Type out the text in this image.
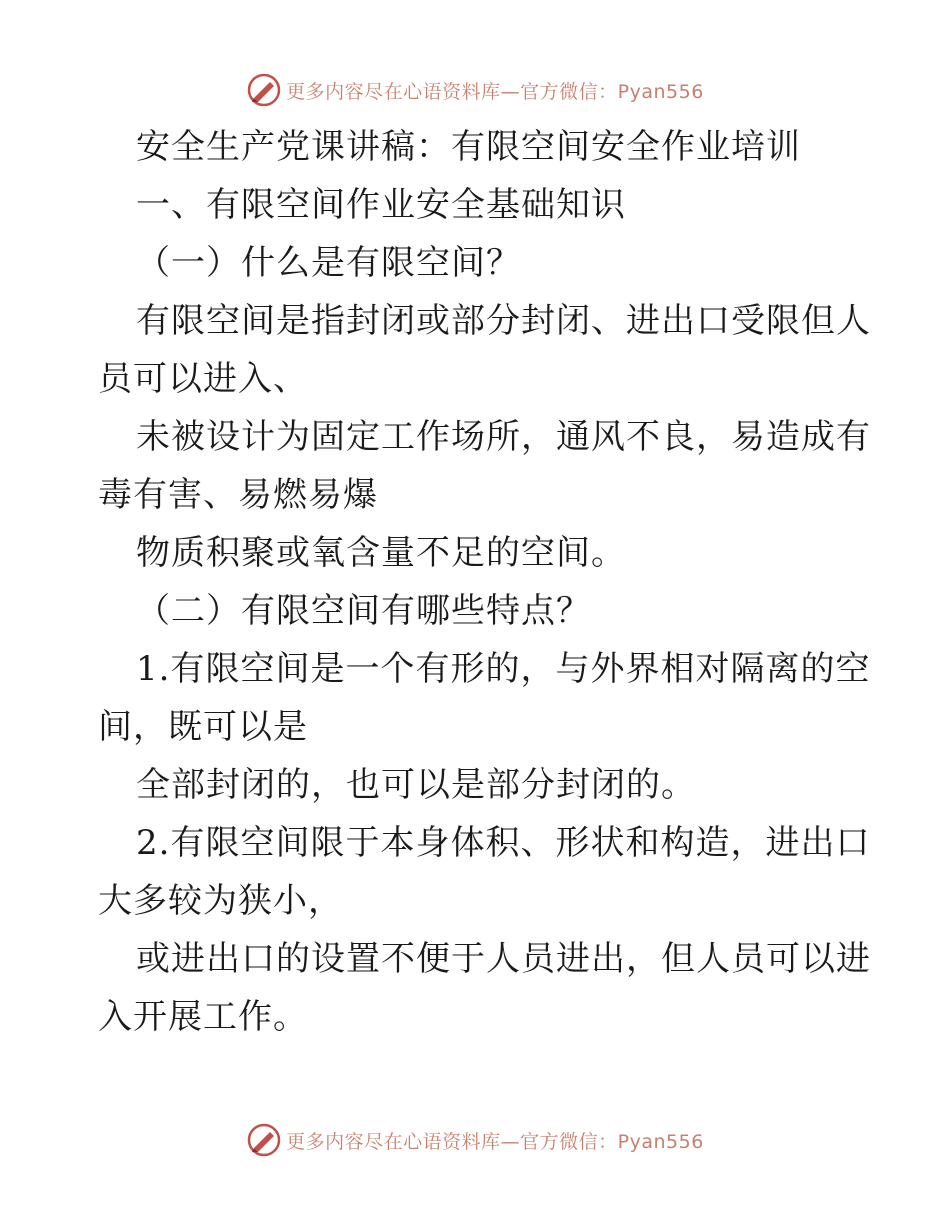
更多内容尽在心语资料库—官方微信：Pyan556
安全生产党课讲稿：有限空间安全作业培训
一、有限空间作业安全基础知识
（一）什么是有限空间？
有限空间是指封闭或部分封闭、进出口受限但人
员可以进入、
未被设计为固定工作场所，通风不良，易造成有
毒有害、易燃易爆
物质积聚或氧含量不足的空间。
（二）有限空间有哪些特点？
1.有限空间是一个有形的，与外界相对隔离的空
间，既可以是
全部封闭的，也可以是部分封闭的。
2.有限空间限于本身体积、形状和构造，进出口
大多较为狭小，
或进出口的设置不便于人员进出，但人员可以进
入开展工作。
更多内容尽在心语资料库—官方微信：Pyan556
